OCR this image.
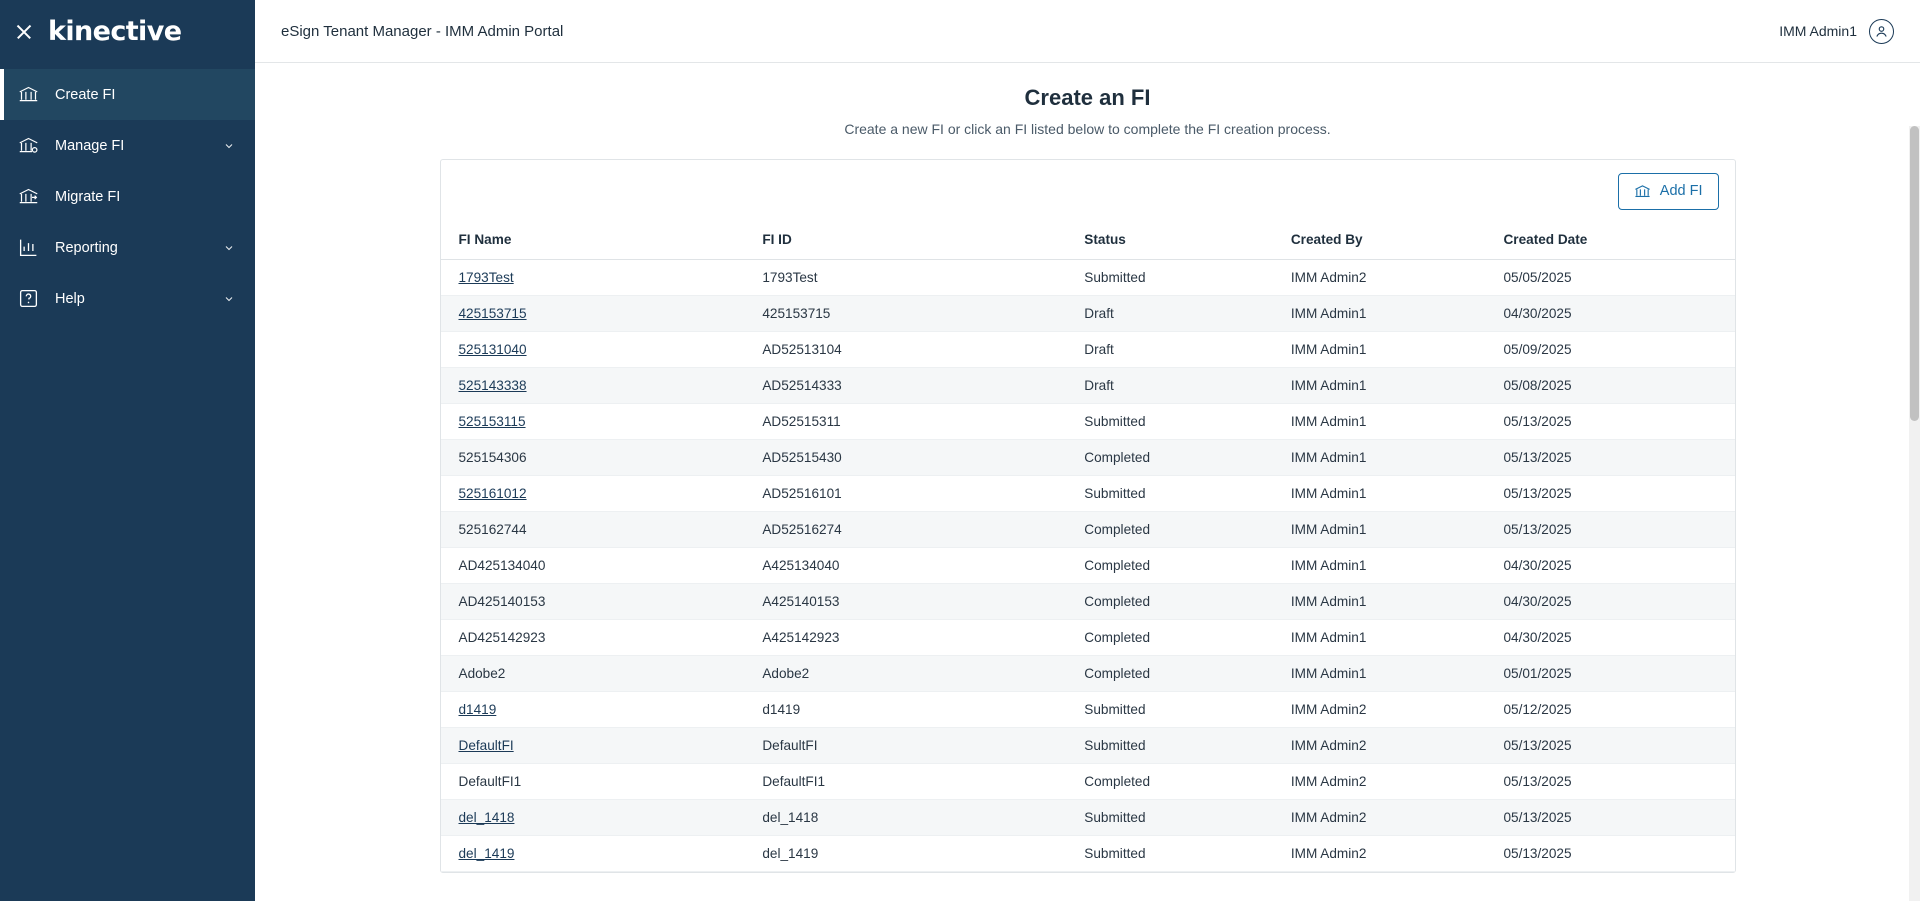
kinective
Create FI
Manage FI
Migrate FI
Reporting
Help
eSign Tenant Manager - IMM Admin Portal	IMM Admin1
Create an FI
Create a new FI or click an FI listed below to complete the FI creation process.
Add FI
FI Name	FI ID	Status	Created By	Created Date
1793Test	1793Test	Submitted	IMM Admin2	05/05/2025
425153715	425153715	Draft	IMM Admin1	04/30/2025
525131040	AD52513104	Draft	IMM Admin1	05/09/2025
525143338	AD52514333	Draft	IMM Admin1	05/08/2025
525153115	AD52515311	Submitted	IMM Admin1	05/13/2025
525154306	AD52515430	Completed	IMM Admin1	05/13/2025
525161012	AD52516101	Submitted	IMM Admin1	05/13/2025
525162744	AD52516274	Completed	IMM Admin1	05/13/2025
AD425134040	A425134040	Completed	IMM Admin1	04/30/2025
AD425140153	A425140153	Completed	IMM Admin1	04/30/2025
AD425142923	A425142923	Completed	IMM Admin1	04/30/2025
Adobe2	Adobe2	Completed	IMM Admin1	05/01/2025
d1419	d1419	Submitted	IMM Admin2	05/12/2025
DefaultFI	DefaultFI	Submitted	IMM Admin2	05/13/2025
DefaultFI1	DefaultFI1	Completed	IMM Admin2	05/13/2025
del_1418	del_1418	Submitted	IMM Admin2	05/13/2025
del_1419	del_1419	Submitted	IMM Admin2	05/13/2025
